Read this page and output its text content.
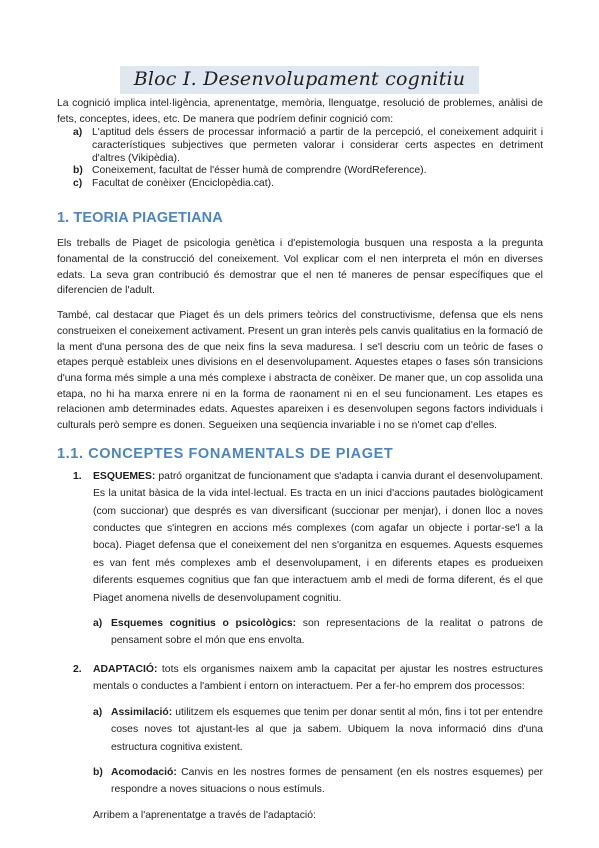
Bloc I. Desenvolupament cognitiu

La cognició implica intel·ligència, aprenentatge, memòria, llenguatge, resolució de problemes, anàlisi de fets, conceptes, idees, etc. De manera que podríem definir cognició com:

a) L'aptitud dels éssers de processar informació a partir de la percepció, el coneixement adquirit i característiques subjectives que permeten valorar i considerar certs aspectes en detriment d'altres (Vikipèdia).
b) Coneixement, facultat de l'ésser humà de comprendre (WordReference).
c) Facultat de conèixer (Enciclopèdia.cat).
1. TEORIA PIAGETIANA

Els treballs de Piaget de psicologia genètica i d'epistemologia busquen una resposta a la pregunta fonamental de la construcció del coneixement. Vol explicar com el nen interpreta el món en diverses edats. La seva gran contribució és demostrar que el nen té maneres de pensar específiques que el diferencien de l'adult.

També, cal destacar que Piaget és un dels primers teòrics del constructivisme, defensa que els nens construeixen el coneixement activament. Present un gran interès pels canvis qualitatius en la formació de la ment d'una persona des de que neix fins la seva maduresa. I se'l descriu com un teòric de fases o etapes perquè estableix unes divisions en el desenvolupament. Aquestes etapes o fases són transicions d'una forma més simple a una més complexe i abstracta de conèixer. De maner que, un cop assolida una etapa, no hi ha marxa enrere ni en la forma de raonament ni en el seu funcionament. Les etapes es relacionen amb determinades edats. Aquestes apareixen i es desenvolupen segons factors individuals i culturals però sempre es donen. Segueixen una seqüencia invariable i no se n'omet cap d'elles.

1.1. CONCEPTES FONAMENTALS DE PIAGET
1. ESQUEMES: patró organitzat de funcionament que s'adapta i canvia durant el desenvolupament. Es la unitat bàsica de la vida intel·lectual. Es tracta en un inici d'accions pautades biològicament (com succionar) que després es van diversificant (succionar per menjar), i donen lloc a noves conductes que s'integren en accions més complexes (com agafar un objecte i portar-se'l a la boca). Piaget defensa que el coneixement del nen s'organitza en esquemes. Aquests esquemes es van fent més complexes amb el desenvolupament, i en diferents etapes es produeixen diferents esquemes cognitius que fan que interactuem amb el medi de forma diferent, és el que Piaget anomena nivells de desenvolupament cognitiu.

a) Esquemes cognitius o psicològics: son representacions de la realitat o patrons de pensament sobre el món que ens envolta.

2. ADAPTACIÓ: tots els organismes naixem amb la capacitat per ajustar les nostres estructures mentals o conductes a l'ambient i entorn on interactuem. Per a fer-ho emprem dos processos:

a) Assimilació: utilitzem els esquemes que tenim per donar sentit al món, fins i tot per entendre coses noves tot ajustant-les al que ja sabem. Ubiquem la nova informació dins d'una estructura cognitiva existent.

b) Acomodació: Canvis en les nostres formes de pensament (en els nostres esquemes) per respondre a noves situacions o nous estímuls.

Arribem a l'aprenentatge a través de l'adaptació:
